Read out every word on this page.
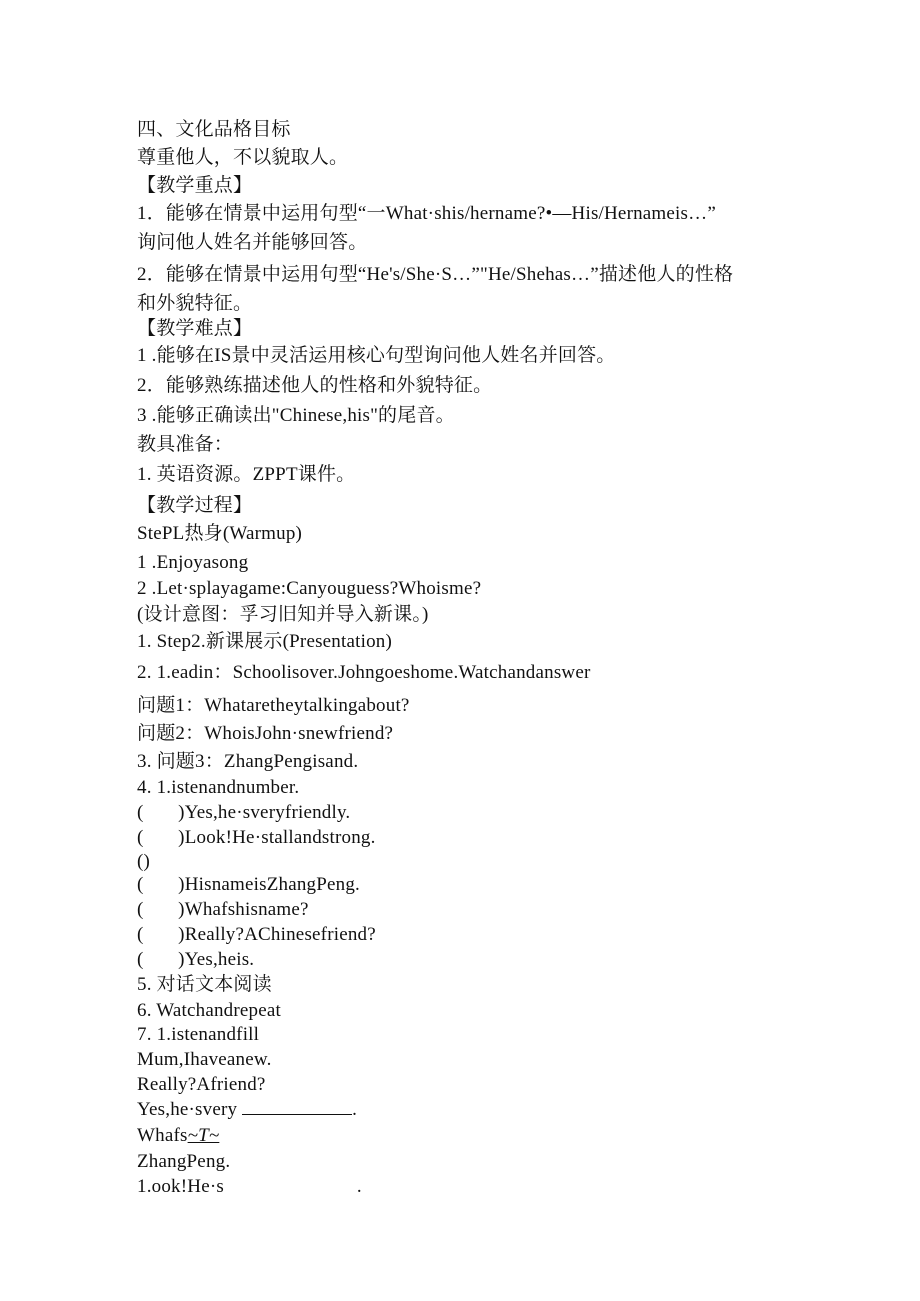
四、文化品格目标
尊重他人，不以貌取人。
【教学重点】
1．能够在情景中运用句型“一What·shis/hername?•—His/Hernameis…”
询问他人姓名并能够回答。
2．能够在情景中运用句型“He's/She·S…”"He/Shehas…”描述他人的性格
和外貌特征。
【教学难点】
1 .能够在IS景中灵活运用核心句型询问他人姓名并回答。
2．能够熟练描述他人的性格和外貌特征。
3 .能够正确读出"Chinese,his"的尾音。
教具准备：
1. 英语资源。ZPPT课件。
【教学过程】
StePL热身(Warmup)
1 .Enjoyasong
2 .Let·splayagame:Canyouguess?Whoisme?
(设计意图：孚习旧知并导入新课。)
1. Step2.新课展示(Presentation)
2. 1.eadin：Schoolisover.Johngoeshome.Watchandanswer
问题1：Whataretheytalkingabout?
问题2：WhoisJohn·snewfriend?
3. 问题3：ZhangPengisand.
4. 1.istenandnumber.
(       )Yes,he·sveryfriendly.
(       )Look!He·stallandstrong.
()
(       )HisnameisZhangPeng.
(       )Whafshisname?
(       )Really?AChinesefriend?
(       )Yes,heis.
5. 对话文本阅读
6. Watchandrepeat
7. 1.istenandfill
Mum,Ihaveanew.
Really?Afriend?
Yes,he·svery	.
Whafs~T~
ZhangPeng.
1.ook!He·s	.
